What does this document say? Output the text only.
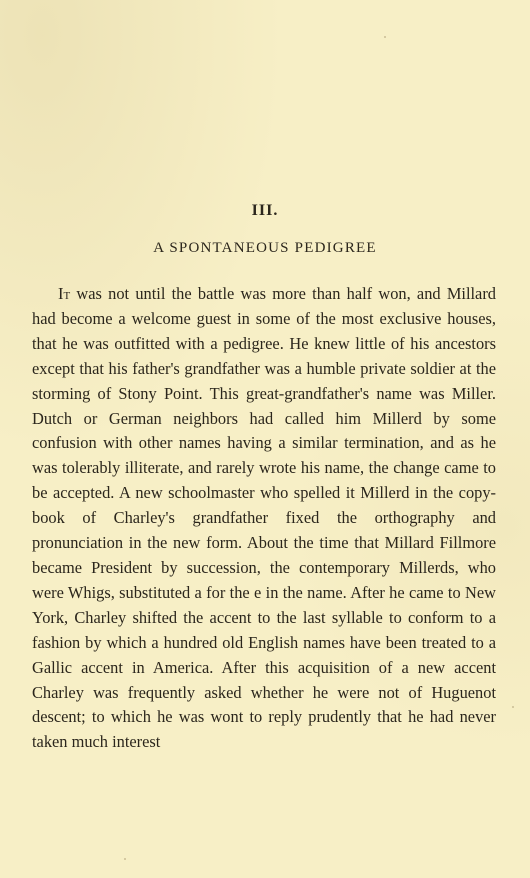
III.
A SPONTANEOUS PEDIGREE

It was not until the battle was more than half won, and Millard had become a welcome guest in some of the most exclusive houses, that he was outfitted with a pedigree. He knew little of his ancestors except that his father's grandfather was a humble private soldier at the storming of Stony Point. This great-grandfather's name was Miller. Dutch or German neighbors had called him Millerd by some confusion with other names having a similar termination, and as he was tolerably illiterate, and rarely wrote his name, the change came to be accepted. A new schoolmaster who spelled it Millerd in the copy-book of Charley's grandfather fixed the orthography and pronunciation in the new form. About the time that Millard Fillmore became President by succession, the contemporary Millerds, who were Whigs, substituted a for the e in the name. After he came to New York, Charley shifted the accent to the last syllable to conform to a fashion by which a hundred old English names have been treated to a Gallic accent in America. After this acquisition of a new accent Charley was frequently asked whether he were not of Huguenot descent; to which he was wont to reply prudently that he had never taken much interest
